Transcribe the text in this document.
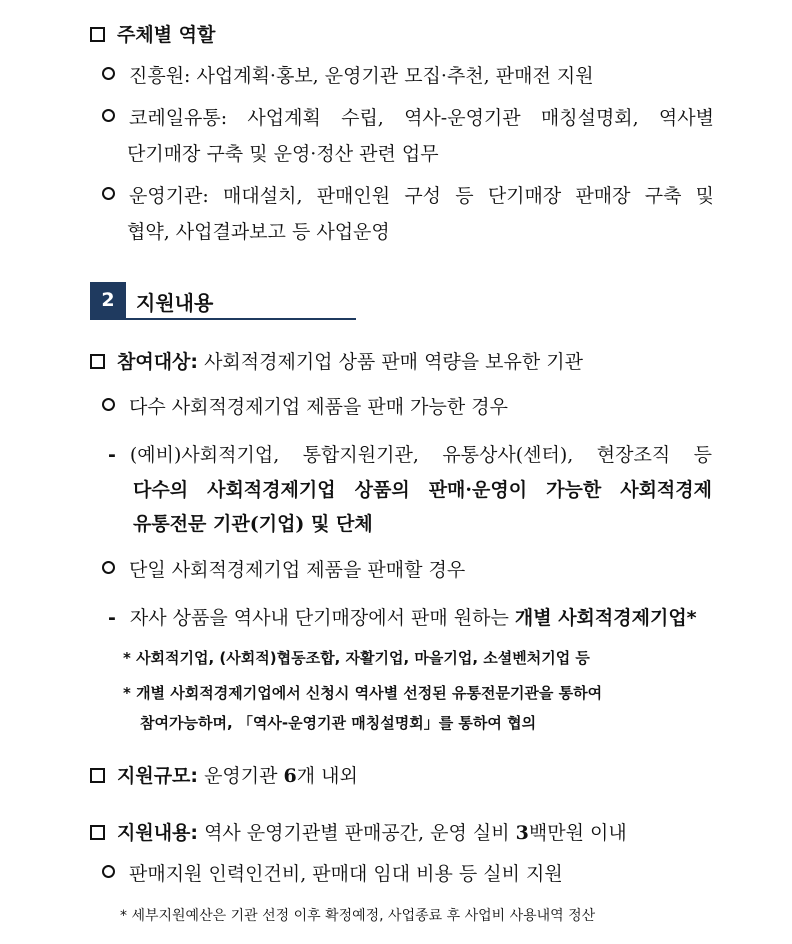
주체별 역할
진흥원: 사업계획·홍보, 운영기관 모집·추천, 판매전 지원
코레일유통: 사업계획 수립, 역사-운영기관 매칭설명회, 역사별
단기매장 구축 및 운영·정산 관련 업무
운영기관: 매대설치, 판매인원 구성 등 단기매장 판매장 구축 및
협약, 사업결과보고 등 사업운영
2	지원내용
참여대상: 사회적경제기업 상품 판매 역량을 보유한 기관
다수 사회적경제기업 제품을 판매 가능한 경우
- (예비)사회적기업, 통합지원기관, 유통상사(센터), 현장조직 등
다수의 사회적경제기업 상품의 판매·운영이 가능한 사회적경제
유통전문 기관(기업) 및 단체
단일 사회적경제기업 제품을 판매할 경우
- 자사 상품을 역사내 단기매장에서 판매 원하는 개별 사회적경제기업*
* 사회적기업, (사회적)협동조합, 자활기업, 마을기업, 소셜벤처기업 등
* 개별 사회적경제기업에서 신청시 역사별 선정된 유통전문기관을 통하여
참여가능하며, 「역사-운영기관 매칭설명회」를 통하여 협의
지원규모: 운영기관 6개 내외
지원내용: 역사 운영기관별 판매공간, 운영 실비 3백만원 이내
판매지원 인력인건비, 판매대 임대 비용 등 실비 지원
* 세부지원예산은 기관 선정 이후 확정예정, 사업종료 후 사업비 사용내역 정산
